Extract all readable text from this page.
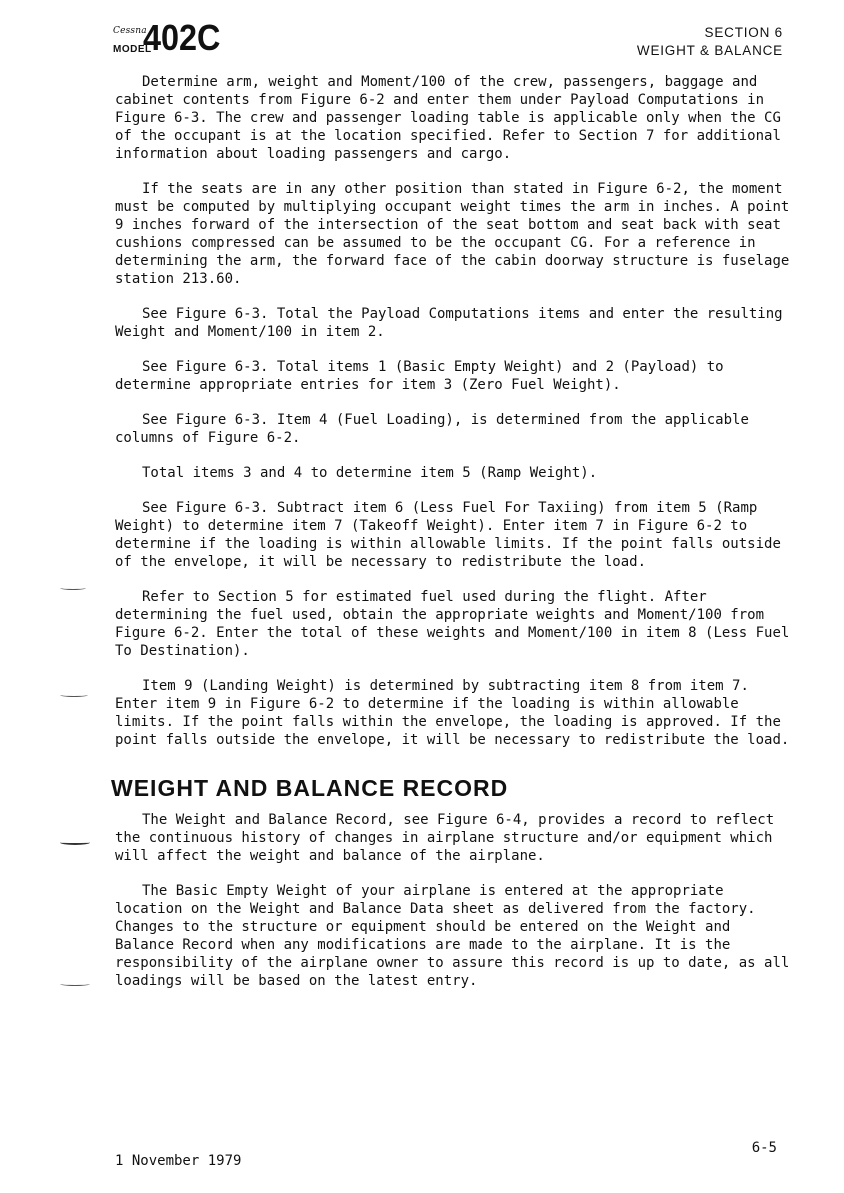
Cessna
MODEL
402C	SECTION 6
WEIGHT & BALANCE

Determine arm, weight and Moment/100 of the crew, passengers, baggage and cabinet contents from Figure 6-2 and enter them under Payload Computations in Figure 6-3. The crew and passenger loading table is applicable only when the CG of the occupant is at the location specified. Refer to Section 7 for additional information about loading passengers and cargo.

If the seats are in any other position than stated in Figure 6-2, the moment must be computed by multiplying occupant weight times the arm in inches. A point 9 inches forward of the intersection of the seat bottom and seat back with seat cushions compressed can be assumed to be the occupant CG. For a reference in determining the arm, the forward face of the cabin doorway structure is fuselage station 213.60.

See Figure 6-3. Total the Payload Computations items and enter the resulting Weight and Moment/100 in item 2.

See Figure 6-3. Total items 1 (Basic Empty Weight) and 2 (Payload) to determine appropriate entries for item 3 (Zero Fuel Weight).

See Figure 6-3. Item 4 (Fuel Loading), is determined from the applicable columns of Figure 6-2.

Total items 3 and 4 to determine item 5 (Ramp Weight).

See Figure 6-3. Subtract item 6 (Less Fuel For Taxiing) from item 5 (Ramp Weight) to determine item 7 (Takeoff Weight). Enter item 7 in Figure 6-2 to determine if the loading is within allowable limits. If the point falls outside of the envelope, it will be necessary to redistribute the load.

Refer to Section 5 for estimated fuel used during the flight. After determining the fuel used, obtain the appropriate weights and Moment/100 from Figure 6-2. Enter the total of these weights and Moment/100 in item 8 (Less Fuel To Destination).

Item 9 (Landing Weight) is determined by subtracting item 8 from item 7. Enter item 9 in Figure 6-2 to determine if the loading is within allowable limits. If the point falls within the envelope, the loading is approved. If the point falls outside the envelope, it will be necessary to redistribute the load.

WEIGHT AND BALANCE RECORD

The Weight and Balance Record, see Figure 6-4, provides a record to reflect the continuous history of changes in airplane structure and/or equipment which will affect the weight and balance of the airplane.

The Basic Empty Weight of your airplane is entered at the appropriate location on the Weight and Balance Data sheet as delivered from the factory. Changes to the structure or equipment should be entered on the Weight and Balance Record when any modifications are made to the airplane. It is the responsibility of the airplane owner to assure this record is up to date, as all loadings will be based on the latest entry.

1 November 1979
6-5
